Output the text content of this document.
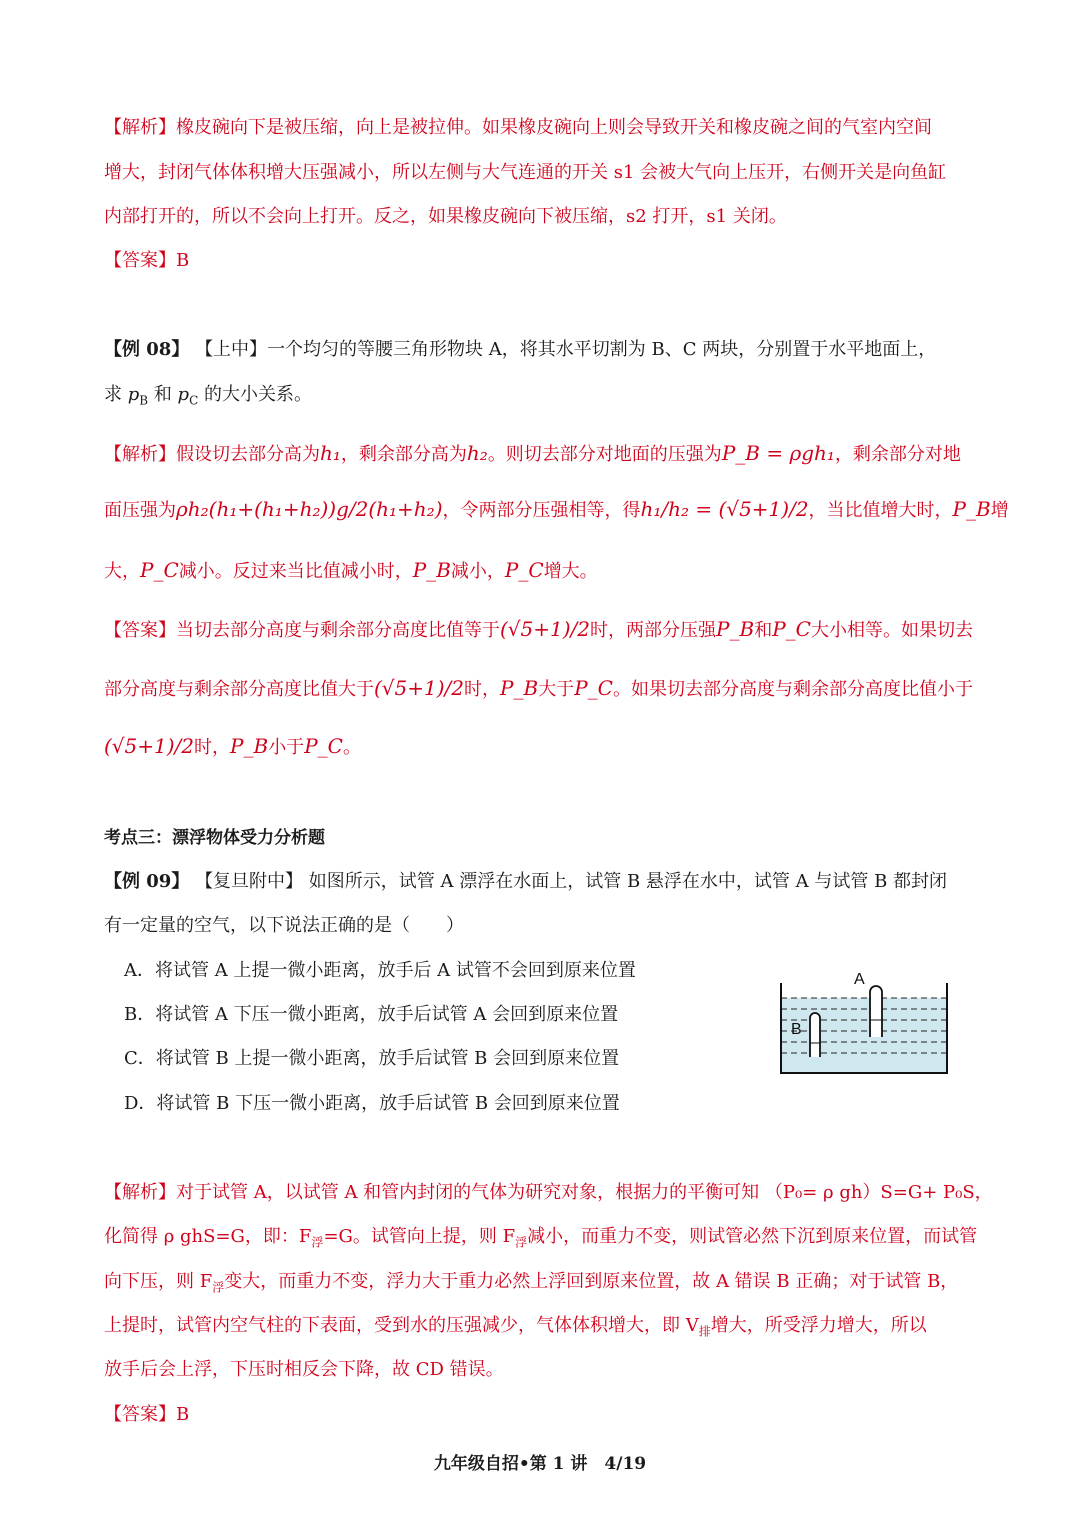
【解析】橡皮碗向下是被压缩，向上是被拉伸。如果橡皮碗向上则会导致开关和橡皮碗之间的气室内空间
增大，封闭气体体积增大压强减小，所以左侧与大气连通的开关 s1 会被大气向上压开，右侧开关是向鱼缸
内部打开的，所以不会向上打开。反之，如果橡皮碗向下被压缩，s2 打开，s1 关闭。
【答案】B
【例 08】 【上中】一个均匀的等腰三角形物块 A，将其水平切割为 B、C 两块，分别置于水平地面上，
求 $p_B$ 和 $p_C$ 的大小关系。
【解析】假设切去部分高为h₁，剩余部分高为h₂。则切去部分对地面的压强为P_B = ρgh₁，剩余部分对地
面压强为ρh₂(h₁+(h₁+h₂))g/2(h₁+h₂)，令两部分压强相等，得h₁/h₂ = (√5+1)/2，当比值增大时，P_B增
大，P_C减小。反过来当比值减小时，P_B减小，P_C增大。
【答案】当切去部分高度与剩余部分高度比值等于(√5+1)/2时，两部分压强P_B和P_C大小相等。如果切去
部分高度与剩余部分高度比值大于(√5+1)/2时，P_B大于P_C。如果切去部分高度与剩余部分高度比值小于
(√5+1)/2时，P_B小于P_C。
考点三：漂浮物体受力分析题
【例 09】 【复旦附中】 如图所示，试管 A 漂浮在水面上，试管 B 悬浮在水中，试管 A 与试管 B 都封闭
有一定量的空气，以下说法正确的是（　　）
A．将试管 A 上提一微小距离，放手后 A 试管不会回到原来位置
B．将试管 A 下压一微小距离，放手后试管 A 会回到原来位置
C．将试管 B 上提一微小距离，放手后试管 B 会回到原来位置
D．将试管 B 下压一微小距离，放手后试管 B 会回到原来位置
A
B
【解析】对于试管 A，以试管 A 和管内封闭的气体为研究对象，根据力的平衡可知 （P₀= ρ gh）S=G+ P₀S，
化简得 ρ ghS=G，即：$F_浮=G$。试管向上提，则 $F_浮$减小，而重力不变，则试管必然下沉到原来位置，而试管
向下压，则 $F_浮$变大，而重力不变，浮力大于重力必然上浮回到原来位置，故 A 错误 B 正确；对于试管 B，
上提时，试管内空气柱的下表面，受到水的压强减少，气体体积增大，即 $V_排$增大，所受浮力增大，所以
放手后会上浮，下压时相反会下降，故 CD 错误。
【答案】B
九年级自招•第 1 讲　4/19
